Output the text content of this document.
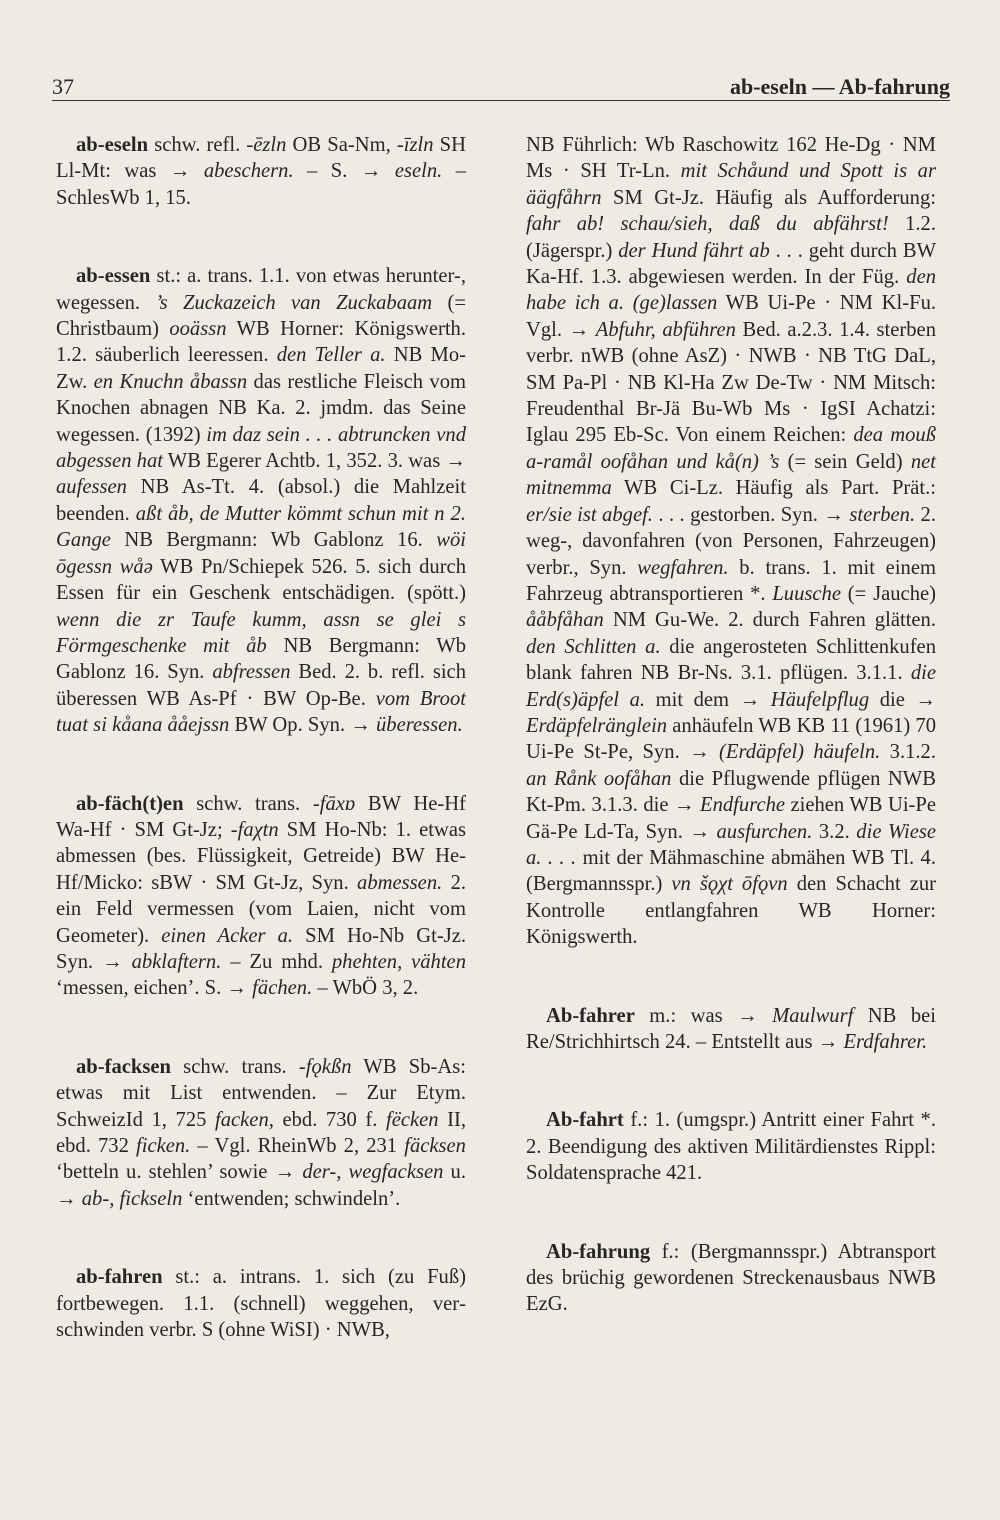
37	ab-eseln — Ab-fahrung

ab-eseln schw. refl. -ēzln OB Sa-Nm, -īzln SH Ll-Mt: was → abeschern. – S. → eseln. – SchlesWb 1, 15.

ab-essen st.: a. trans. 1.1. von etwas herunter-, wegessen. ’s Zuckazeich van Zuckabaam (= Christbaum) ooässn WB Horner: Königswerth. 1.2. säuberlich leeressen. den Teller a. NB Mo-Zw. en Knuchn åbassn das restliche Fleisch vom Knochen abnagen NB Ka. 2. jmdm. das Seine wegessen. (1392) im daz sein . . . abtruncken vnd abgessen hat WB Egerer Achtb. 1, 352. 3. was → aufessen NB As-Tt. 4. (absol.) die Mahlzeit beenden. aßt åb, de Mutter kömmt schun mit n 2. Gange NB Bergmann: Wb Gablonz 16. wöi ōgessn wåə WB Pn/Schiepek 526. 5. sich durch Essen für ein Geschenk entschädigen. (spött.) wenn die zr Taufe kumm, assn se glei s Förmgeschenke mit åb NB Bergmann: Wb Gablonz 16. Syn. abfressen Bed. 2. b. refl. sich überessen WB As-Pf · BW Op-Be. vom Broot tuat si kåana ååejssn BW Op. Syn. → überessen.

ab-fäch(t)en schw. trans. -fāxɒ BW He-Hf Wa-Hf · SM Gt-Jz; -faχtn SM Ho-Nb: 1. etwas abmessen (bes. Flüssigkeit, Getreide) BW He-Hf/Micko: sBW · SM Gt-Jz, Syn. abmessen. 2. ein Feld vermessen (vom Laien, nicht vom Geometer). einen Acker a. SM Ho-Nb Gt-Jz. Syn. → abklaftern. – Zu mhd. phehten, vähten ‘messen, eichen’. S. → fächen. – WbÖ 3, 2.

ab-facksen schw. trans. -fǫkßn WB Sb-As: etwas mit List entwenden. – Zur Etym. SchweizId 1, 725 facken, ebd. 730 f. fëcken II, ebd. 732 ficken. – Vgl. RheinWb 2, 231 fäcksen ‘betteln u. stehlen’ sowie → der-, wegfacksen u. → ab-, fickseln ‘entwenden; schwindeln’.

ab-fahren st.: a. intrans. 1. sich (zu Fuß) fortbewegen. 1.1. (schnell) weggehen, verschwinden verbr. S (ohne WiSI) · NWB,

NB Führlich: Wb Raschowitz 162 He-Dg · NM Ms · SH Tr-Ln. mit Schåund und Spott is ar äägfåhrn SM Gt-Jz. Häufig als Aufforderung: fahr ab! schau/sieh, daß du abfährst! 1.2. (Jägerspr.) der Hund fährt ab . . . geht durch BW Ka-Hf. 1.3. abgewiesen werden. In der Füg. den habe ich a. (ge)lassen WB Ui-Pe · NM Kl-Fu. Vgl. → Abfuhr, abführen Bed. a.2.3. 1.4. sterben verbr. nWB (ohne AsZ) · NWB · NB TtG DaL, SM Pa-Pl · NB Kl-Ha Zw De-Tw · NM Mitsch: Freudenthal Br-Jä Bu-Wb Ms · IgSI Achatzi: Iglau 295 Eb-Sc. Von einem Reichen: dea mouß a-ramål oofåhan und kå(n) ’s (= sein Geld) net mitnemma WB Ci-Lz. Häufig als Part. Prät.: er/sie ist abgef. . . . gestorben. Syn. → sterben. 2. weg-, davonfahren (von Personen, Fahrzeugen) verbr., Syn. wegfahren. b. trans. 1. mit einem Fahrzeug abtransportieren *. Luusche (= Jauche) ååbfåhan NM Gu-We. 2. durch Fahren glätten. den Schlitten a. die angerosteten Schlittenkufen blank fahren NB Br-Ns. 3.1. pflügen. 3.1.1. die Erd(s)äpfel a. mit dem → Häufelpflug die → Erdäpfelränglein anhäufeln WB KB 11 (1961) 70 Ui-Pe St-Pe, Syn. → (Erdäpfel) häufeln. 3.1.2. an Rånk oofåhan die Pflugwende pflügen NWB Kt-Pm. 3.1.3. die → Endfurche ziehen WB Ui-Pe Gä-Pe Ld-Ta, Syn. → ausfurchen. 3.2. die Wiese a. . . . mit der Mähmaschine abmähen WB Tl. 4. (Bergmannsspr.) vn šǫχt ōfǫvn den Schacht zur Kontrolle entlangfahren WB Horner: Königswerth.

Ab-fahrer m.: was → Maulwurf NB bei Re/Strichhirtsch 24. – Entstellt aus → Erdfahrer.

Ab-fahrt f.: 1. (umgspr.) Antritt einer Fahrt *. 2. Beendigung des aktiven Militärdienstes Rippl: Soldatensprache 421.

Ab-fahrung f.: (Bergmannsspr.) Abtransport des brüchig gewordenen Streckenausbaus NWB EzG.
